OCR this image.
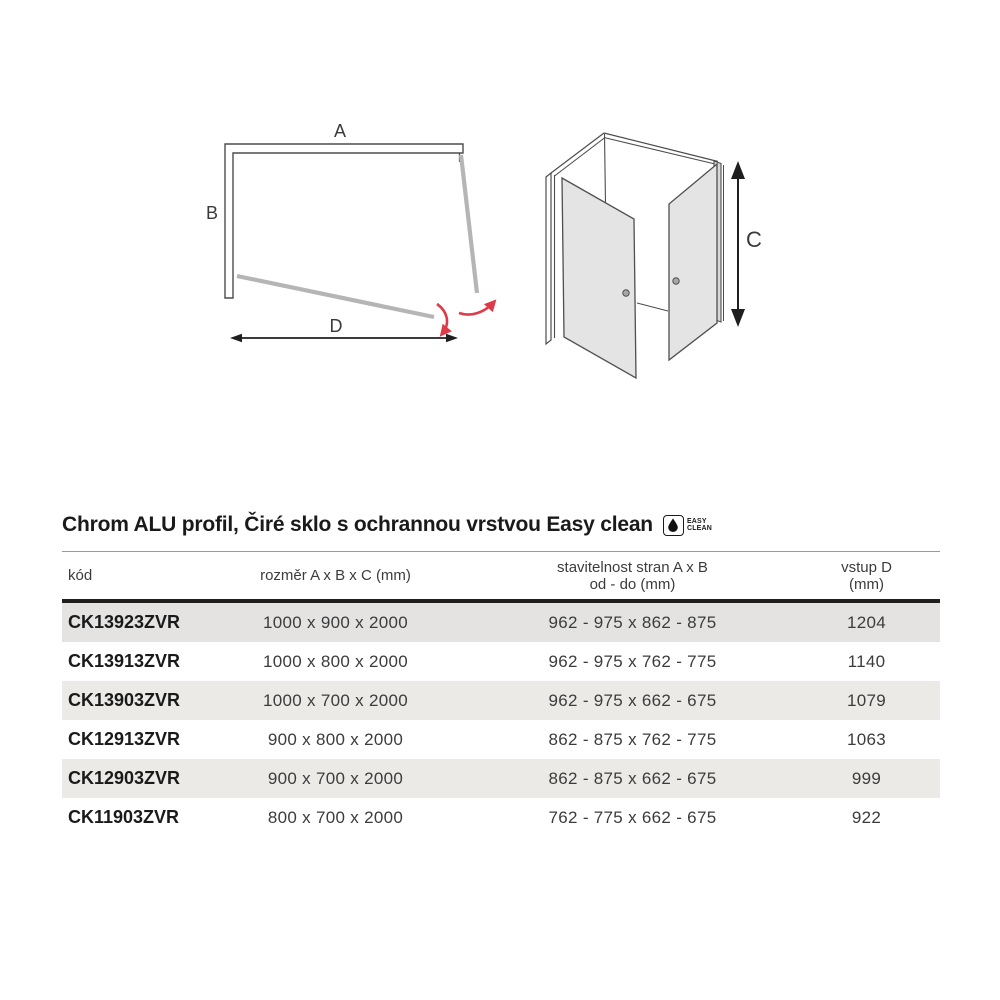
A
B
D
C
Chrom ALU profil, Čiré sklo s ochrannou vrstvou Easy clean	EASY
CLEAN
kód	rozměr A x B x C (mm)	stavitelnost stran A x B
od - do (mm)
vstup D
(mm)
CK13923ZVR	1000 x 900 x 2000	962 - 975 x 862 - 875	1204
CK13913ZVR	1000 x 800 x 2000	962 - 975 x 762 - 775	1140
CK13903ZVR	1000 x 700 x 2000	962 - 975 x 662 - 675	1079
CK12913ZVR	900 x 800 x 2000	862 - 875 x 762 - 775	1063
CK12903ZVR	900 x 700 x 2000	862 - 875 x 662 - 675	999
CK11903ZVR	800 x 700 x 2000	762 - 775 x 662 - 675	922
